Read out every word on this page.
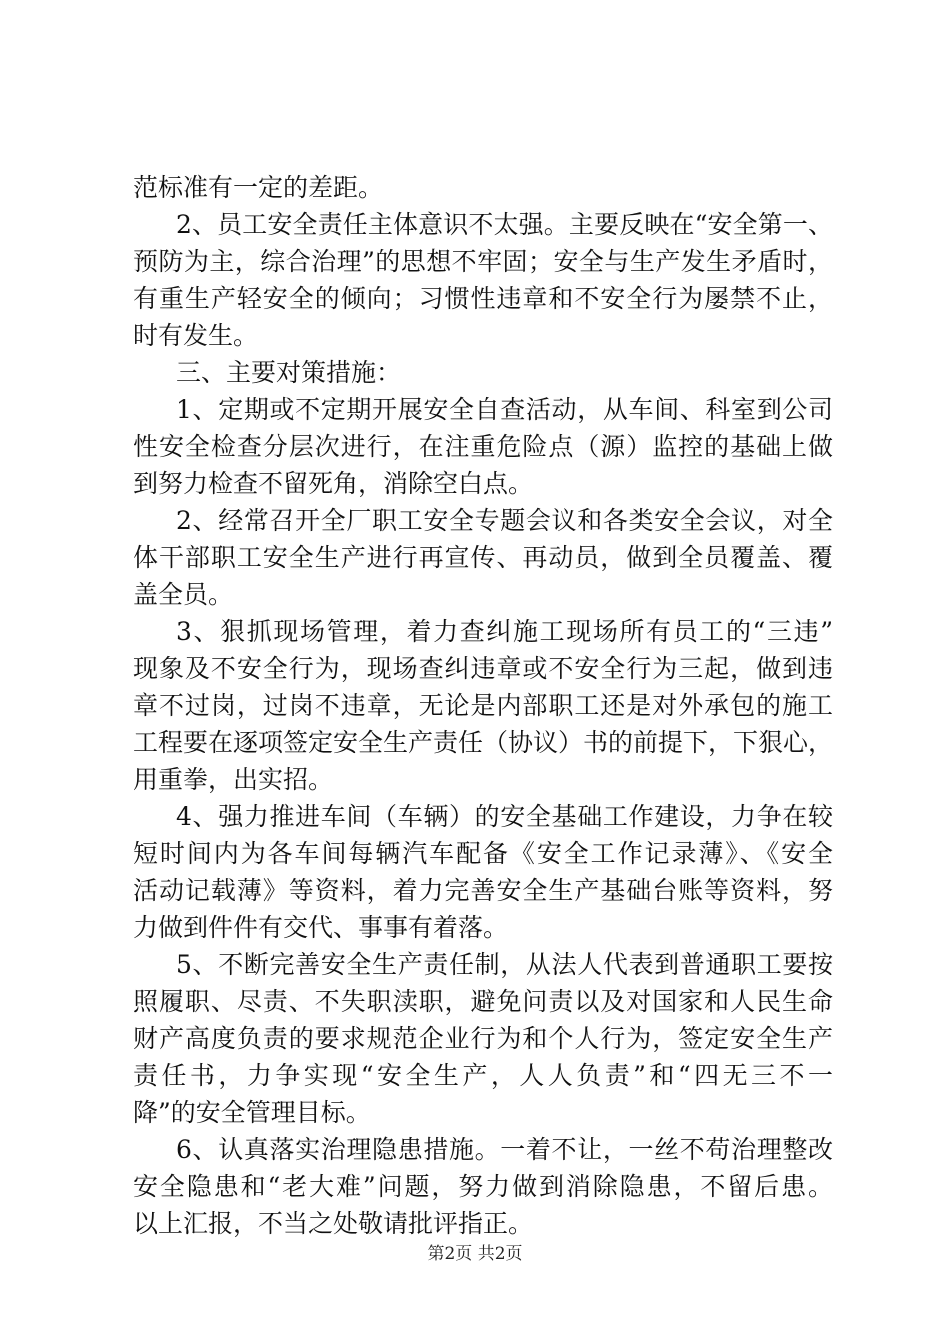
范标准有一定的差距。
2、员工安全责任主体意识不太强。主要反映在“安全第一、
预防为主，综合治理”的思想不牢固；安全与生产发生矛盾时，
有重生产轻安全的倾向；习惯性违章和不安全行为屡禁不止，
时有发生。
三、主要对策措施：
1、定期或不定期开展安全自查活动，从车间、科室到公司
性安全检查分层次进行，在注重危险点（源）监控的基础上做
到努力检查不留死角，消除空白点。
2、经常召开全厂职工安全专题会议和各类安全会议，对全
体干部职工安全生产进行再宣传、再动员，做到全员覆盖、覆
盖全员。
3、狠抓现场管理，着力查纠施工现场所有员工的“三违”
现象及不安全行为，现场查纠违章或不安全行为三起，做到违
章不过岗，过岗不违章，无论是内部职工还是对外承包的施工
工程要在逐项签定安全生产责任（协议）书的前提下，下狠心，
用重拳，出实招。
4、强力推进车间（车辆）的安全基础工作建设，力争在较
短时间内为各车间每辆汽车配备《安全工作记录薄》、《安全
活动记载薄》等资料，着力完善安全生产基础台账等资料，努
力做到件件有交代、事事有着落。
5、不断完善安全生产责任制，从法人代表到普通职工要按
照履职、尽责、不失职渎职，避免问责以及对国家和人民生命
财产高度负责的要求规范企业行为和个人行为，签定安全生产
责任书，力争实现“安全生产，人人负责”和“四无三不一
降”的安全管理目标。
6、认真落实治理隐患措施。一着不让，一丝不苟治理整改
安全隐患和“老大难”问题，努力做到消除隐患，不留后患。
以上汇报，不当之处敬请批评指正。
第2页 共2页
